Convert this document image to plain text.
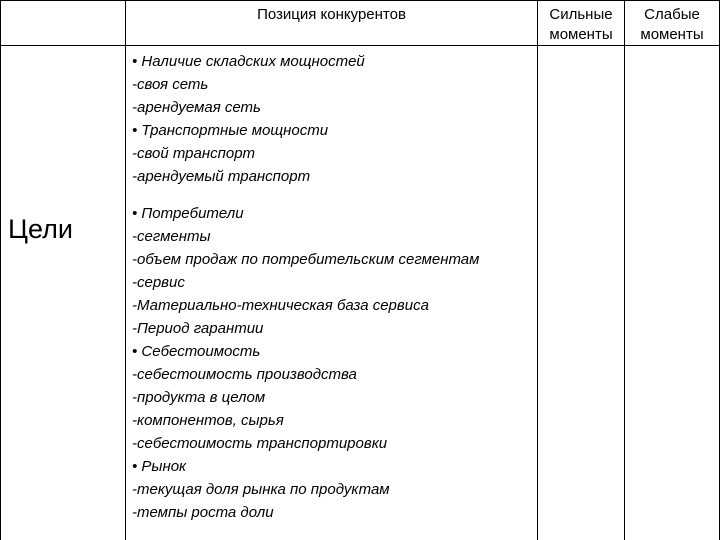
Позиция конкурентов	Сильные
моменты
Слабые
моменты
Цели
• Наличие складских мощностей
-своя сеть
-арендуемая сеть
• Транспортные мощности
-свой транспорт
-арендуемый транспорт
• Потребители
-сегменты
-объем продаж по потребительским сегментам
-сервис
-Материально-техническая база сервиса
-Период гарантии
• Себестоимость
-себестоимость производства
-продукта в целом
-компонентов, сырья
-себестоимость транспортировки
• Рынок
-текущая доля рынка по продуктам
-темпы роста доли
